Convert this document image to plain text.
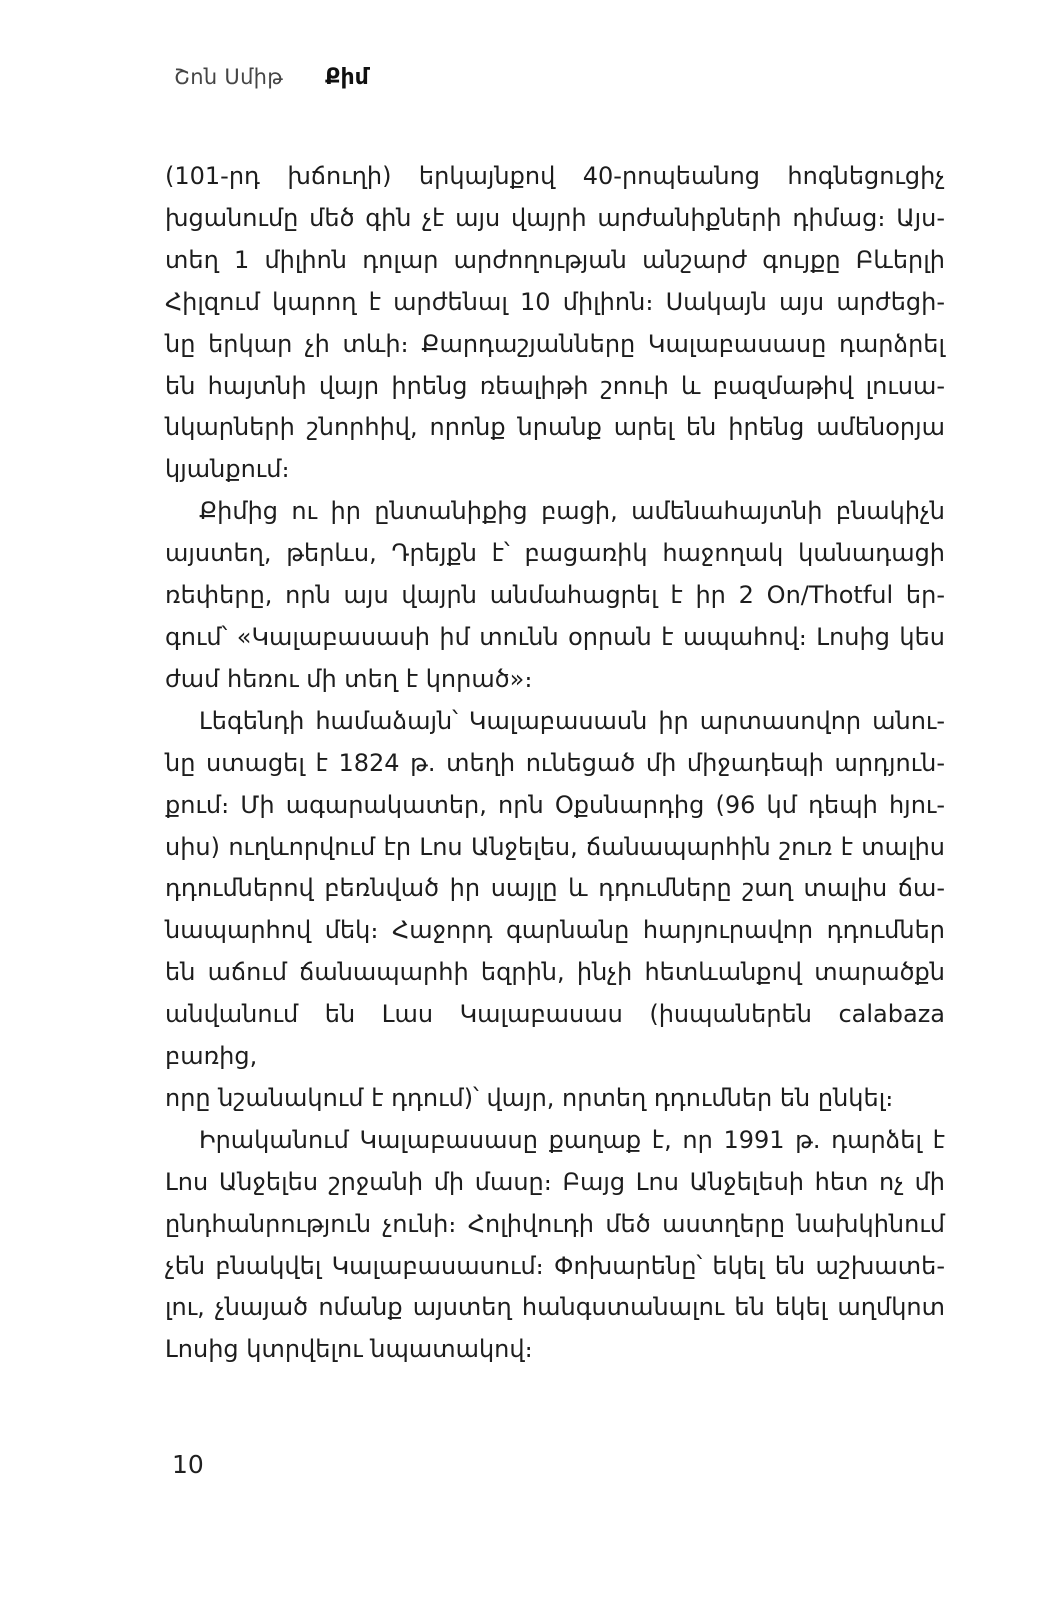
Շոն Սմիթ Քիմ
(101-րդ խճուղի) երկայնքով 40-րոպեանոց հոգնեցուցիչ
խցանումը մեծ գին չէ այս վայրի արժանիքների դիմաց։ Այս-
տեղ 1 միլիոն դոլար արժողության անշարժ գույքը Բևերլի
Հիլզում կարող է արժենալ 10 միլիոն։ Սակայն այս արժեցի-
նը երկար չի տևի։ Քարդաշյանները Կալաբասասը դարձրել
են հայտնի վայր իրենց ռեալիթի շոուի և բազմաթիվ լուսա-
նկարների շնորհիվ, որոնք նրանք արել են իրենց ամենօրյա
կյանքում։
Քիմից ու իր ընտանիքից բացի, ամենահայտնի բնակիչն
այստեղ, թերևս, Դրեյքն է՝ բացառիկ հաջողակ կանադացի
ռեփերը, որն այս վայրն անմահացրել է իր 2 On/Thotful եր-
գում՝ «Կալաբասասի իմ տունն օրրան է ապահով։ Լոսից կես
ժամ հեռու մի տեղ է կորած»։
Լեգենդի համաձայն՝ Կալաբասասն իր արտասովոր անու-
նը ստացել է 1824 թ. տեղի ունեցած մի միջադեպի արդյուն-
քում։ Մի ագարակատեր, որն Օքսնարդից (96 կմ դեպի հյու-
սիս) ուղևորվում էր Լոս Անջելես, ճանապարհին շուռ է տալիս
դդումներով բեռնված իր սայլը և դդումները շաղ տալիս ճա-
նապարհով մեկ։ Հաջորդ գարնանը հարյուրավոր դդումներ
են աճում ճանապարհի եզրին, ինչի հետևանքով տարածքն
անվանում են Լաս Կալաբասաս (իսպաներեն calabaza բառից,
որը նշանակում է դդում)՝ վայր, որտեղ դդումներ են ընկել։
Իրականում Կալաբասասը քաղաք է, որ 1991 թ. դարձել է
Լոս Անջելես շրջանի մի մասը։ Բայց Լոս Անջելեսի հետ ոչ մի
ընդհանրություն չունի։ Հոլիվուդի մեծ աստղերը նախկինում
չեն բնակվել Կալաբասասում։ Փոխարենը՝ եկել են աշխատե-
լու, չնայած ոմանք այստեղ հանգստանալու են եկել աղմկոտ
Լոսից կտրվելու նպատակով։
10
